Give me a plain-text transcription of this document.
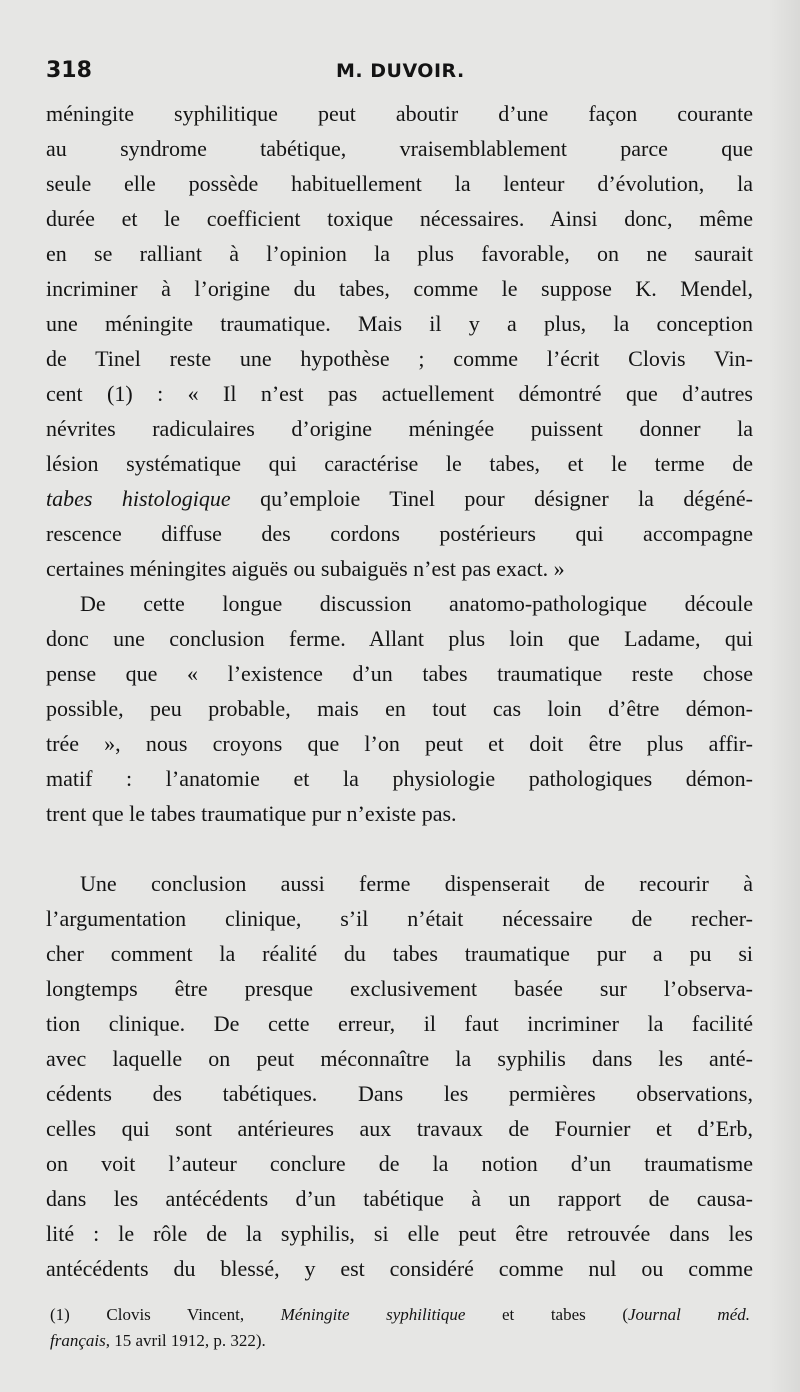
318	M. DUVOIR.
méningite syphilitique peut aboutir d’une façon courante
au syndrome tabétique, vraisemblablement parce que
seule elle possède habituellement la lenteur d’évolution, la
durée et le coefficient toxique nécessaires. Ainsi donc, même
en se ralliant à l’opinion la plus favorable, on ne saurait
incriminer à l’origine du tabes, comme le suppose K. Mendel,
une méningite traumatique. Mais il y a plus, la conception
de Tinel reste une hypothèse ; comme l’écrit Clovis Vin-
cent (1) : « Il n’est pas actuellement démontré que d’autres
névrites radiculaires d’origine méningée puissent donner la
lésion systématique qui caractérise le tabes, et le terme de
tabes histologique qu’emploie Tinel pour désigner la dégéné-
rescence diffuse des cordons postérieurs qui accompagne
certaines méningites aiguës ou subaiguës n’est pas exact. »
De cette longue discussion anatomo-pathologique découle
donc une conclusion ferme. Allant plus loin que Ladame, qui
pense que « l’existence d’un tabes traumatique reste chose
possible, peu probable, mais en tout cas loin d’être démon-
trée », nous croyons que l’on peut et doit être plus affir-
matif : l’anatomie et la physiologie pathologiques démon-
trent que le tabes traumatique pur n’existe pas.
Une conclusion aussi ferme dispenserait de recourir à
l’argumentation clinique, s’il n’était nécessaire de recher-
cher comment la réalité du tabes traumatique pur a pu si
longtemps être presque exclusivement basée sur l’observa-
tion clinique. De cette erreur, il faut incriminer la facilité
avec laquelle on peut méconnaître la syphilis dans les anté-
cédents des tabétiques. Dans les permières observations,
celles qui sont antérieures aux travaux de Fournier et d’Erb,
on voit l’auteur conclure de la notion d’un traumatisme
dans les antécédents d’un tabétique à un rapport de causa-
lité : le rôle de la syphilis, si elle peut être retrouvée dans les
antécédents du blessé, y est considéré comme nul ou comme
(1) Clovis Vincent, Méningite syphilitique et tabes (Journal méd.
français, 15 avril 1912, p. 322).
